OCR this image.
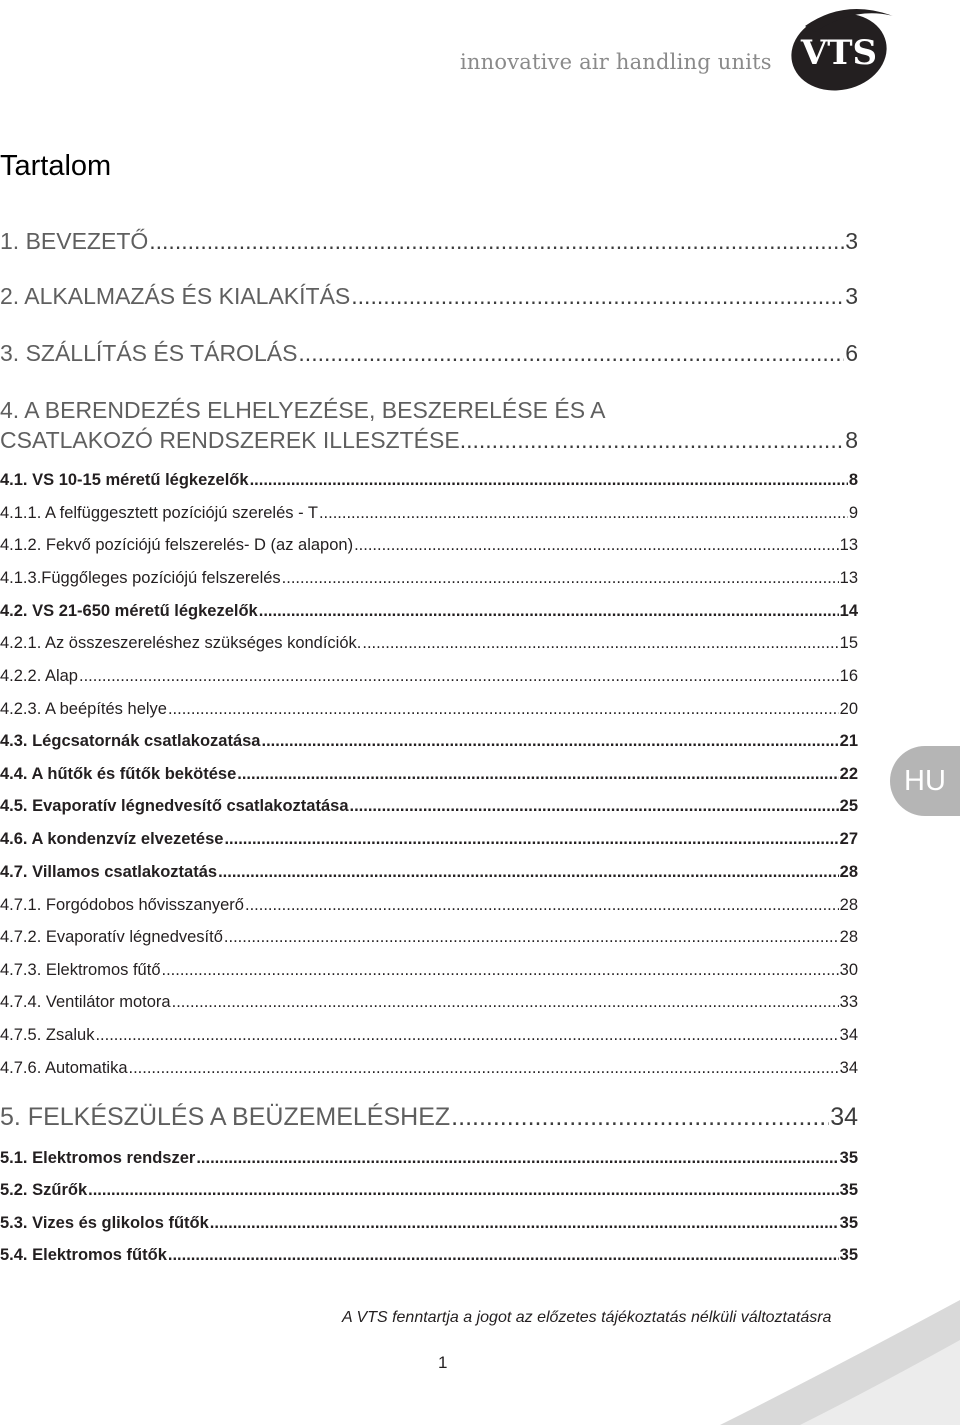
innovative air handling units VTS
Tartalom
1. BEVEZETŐ .....	3
2. ALKALMAZÁS ÉS KIALAKÍTÁS .....	3
3. SZÁLLÍTÁS ÉS TÁROLÁS .....	6
4. A BERENDEZÉS ELHELYEZÉSE, BESZERELÉSE ÉS A
CSATLAKOZÓ RENDSZEREK ILLESZTÉSE .....	8
4.1. VS 10-15 méretű légkezelők .....	8
4.1.1. A felfüggesztett pozíciójú szerelés - T .....	9
4.1.2. Fekvő pozíciójú felszerelés- D (az alapon) .....	13
4.1.3.Függőleges pozíciójú felszerelés .....	13
4.2. VS 21-650 méretű légkezelők .....	14
4.2.1. Az összeszereléshez szükséges kondíciók. .....	15
4.2.2. Alap .....	16
4.2.3. A beépítés helye .....	20
4.3. Légcsatornák csatlakozatása .....	21
4.4. A hűtők és fűtők bekötése .....	22
4.5. Evaporatív légnedvesítő csatlakoztatása .....	25
4.6. A kondenzvíz elvezetése .....	27
4.7. Villamos csatlakoztatás .....	28
4.7.1. Forgódobos hővisszanyerő .....	28
4.7.2. Evaporatív légnedvesítő .....	28
4.7.3. Elektromos fűtő .....	30
4.7.4. Ventilátor motora .....	33
4.7.5. Zsaluk .....	34
4.7.6. Automatika .....	34
5. FELKÉSZÜLÉS A BEÜZEMELÉSHEZ .....	34
5.1. Elektromos rendszer .....	35
5.2. Szűrők .....	35
5.3. Vizes és glikolos fűtők .....	35
5.4. Elektromos fűtők .....	35
HU
A VTS fenntartja a jogot az előzetes tájékoztatás nélküli változtatásra
1
